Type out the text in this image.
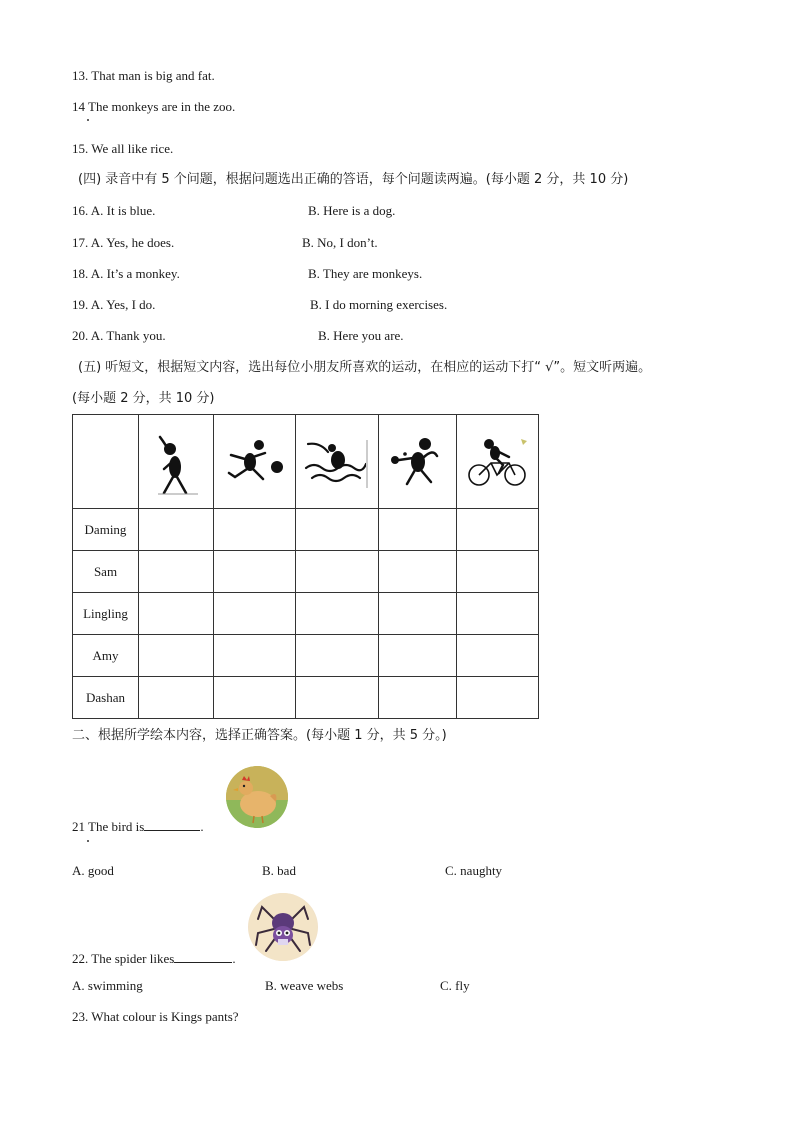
13. That man is big and fat.
14 The monkeys are in the zoo.
15. We all like rice.
(四) 录音中有 5 个问题，根据问题选出正确的答语，每个问题读两遍。(每小题 2 分，共 10 分)
16. A. It is blue.	B. Here is a dog.
17. A. Yes, he does.	B. No, I don’t.
18. A. It’s a monkey.	B. They are monkeys.
19. A. Yes, I do.	B. I do morning exercises.
20. A. Thank you.	B. Here you are.
(五) 听短文，根据短文内容，选出每位小朋友所喜欢的运动，在相应的运动下打“ √”。短文听两遍。
(每小题 2 分，共 10 分)

Daming					
Sam					
Lingling					
Amy					
Dashan					
二、根据所学绘本内容，选择正确答案。(每小题 1 分，共 5 分。)
21 The bird is	.
A. good	B. bad	C. naughty
22. The spider likes	.
A. swimming	B. weave webs	C. fly
23. What colour is Kings pants?
